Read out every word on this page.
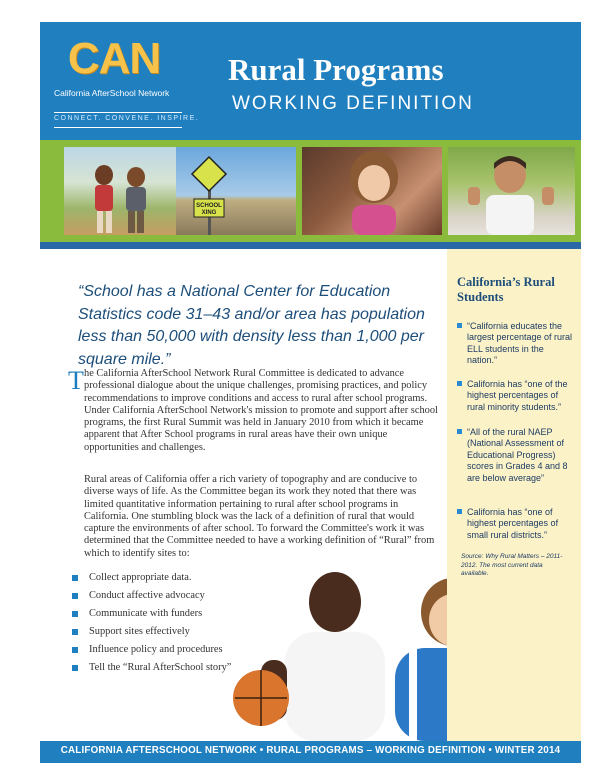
CAN
California AfterSchool Network
CONNECT. CONVENE. INSPIRE.
Rural Programs
WORKING DEFINITION
SCHOOL
XING
“School has a National Center for Education Statistics code 31–43 and/or area has population less than 50,000 with density less than 1,000 per square mile.”
T he California AfterSchool Network Rural Committee is dedicated to advance professional dialogue about the unique challenges, promising practices, and policy recommendations to improve conditions and access to rural after school programs. Under California AfterSchool Network's mission to promote and support after school programs, the first Rural Summit was held in January 2010 from which it became apparent that After School programs in rural areas have their own unique opportunities and challenges.
Rural areas of California offer a rich variety of topography and are conducive to diverse ways of life. As the Committee began its work they noted that there was limited quantitative information pertaining to rural after school programs in California. One stumbling block was the lack of a definition of rural that would capture the environments of after school. To forward the Committee's work it was determined that the Committee needed to have a working definition of “Rural” from which to identify sites to:
Collect appropriate data.
Conduct affective advocacy
Communicate with funders
Support sites effectively
Influence policy and procedures
Tell the “Rural AfterSchool story”
California’s Rural Students
“California educates the largest percentage of rural ELL students in the nation.”
California has “one of the highest percentages of rural minority students.”
“All of the rural NAEP (National Assessment of Educational Progress) scores in Grades 4 and 8 are below average”
California has “one of highest percentages of small rural districts.”
Source: Why Rural Matters – 2011-2012. The most current data available.
CALIFORNIA AFTERSCHOOL NETWORK • RURAL PROGRAMS – WORKING DEFINITION • WINTER 2014
